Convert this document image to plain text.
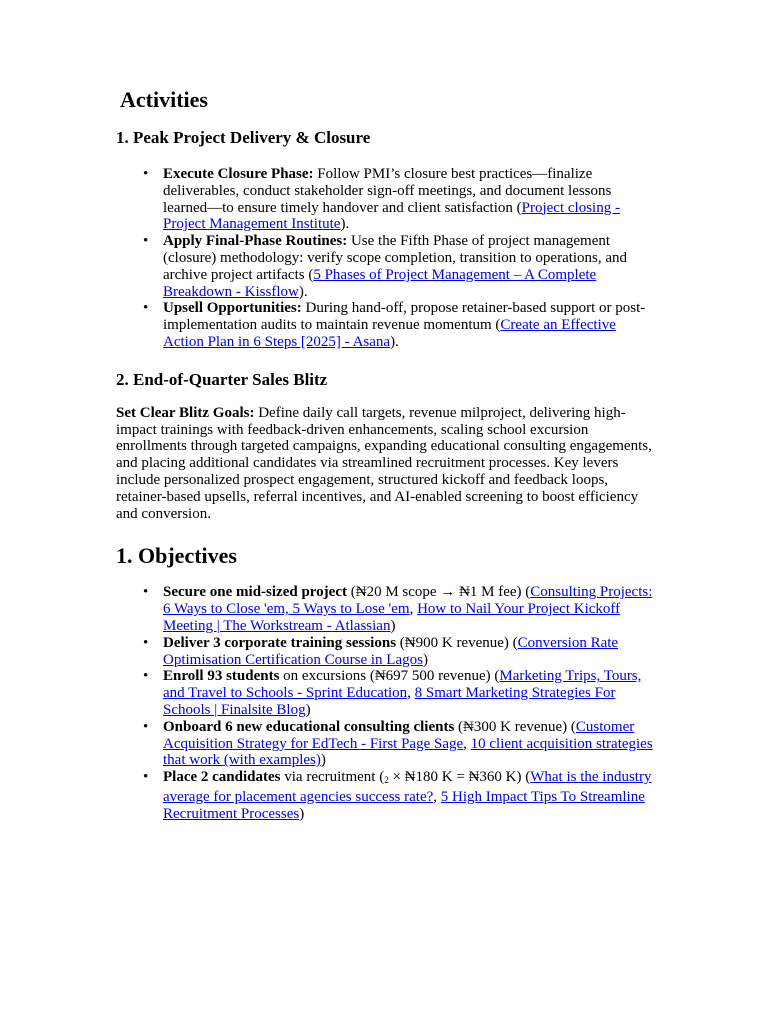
Activities
1. Peak Project Delivery & Closure
• Execute Closure Phase: Follow PMI’s closure best practices—finalize deliverables, conduct stakeholder sign-off meetings, and document lessons learned—to ensure timely handover and client satisfaction (Project closing - Project Management Institute).
• Apply Final-Phase Routines: Use the Fifth Phase of project management (closure) methodology: verify scope completion, transition to operations, and archive project artifacts (5 Phases of Project Management – A Complete Breakdown - Kissflow).
• Upsell Opportunities: During hand-off, propose retainer-based support or post-implementation audits to maintain revenue momentum (Create an Effective Action Plan in 6 Steps [2025] - Asana).
2. End-of-Quarter Sales Blitz

Set Clear Blitz Goals: Define daily call targets, revenue milproject, delivering high-impact trainings with feedback-driven enhancements, scaling school excursion enrollments through targeted campaigns, expanding educational consulting engagements, and placing additional candidates via streamlined recruitment processes. Key levers include personalized prospect engagement, structured kickoff and feedback loops, retainer-based upsells, referral incentives, and AI-enabled screening to boost efficiency and conversion.

1. Objectives
• Secure one mid-sized project (₦20 M scope → ₦1 M fee) (Consulting Projects: 6 Ways to Close 'em, 5 Ways to Lose 'em, How to Nail Your Project Kickoff Meeting | The Workstream - Atlassian)
• Deliver 3 corporate training sessions (₦900 K revenue) (Conversion Rate Optimisation Certification Course in Lagos)
• Enroll 93 students on excursions (₦697 500 revenue) (Marketing Trips, Tours, and Travel to Schools - Sprint Education, 8 Smart Marketing Strategies For Schools | Finalsite Blog)
• Onboard 6 new educational consulting clients (₦300 K revenue) (Customer Acquisition Strategy for EdTech - First Page Sage, 10 client acquisition strategies that work (with examples))
• Place 2 candidates via recruitment (2 × ₦180 K = ₦360 K) (What is the industry average for placement agencies success rate?, 5 High Impact Tips To Streamline Recruitment Processes)
